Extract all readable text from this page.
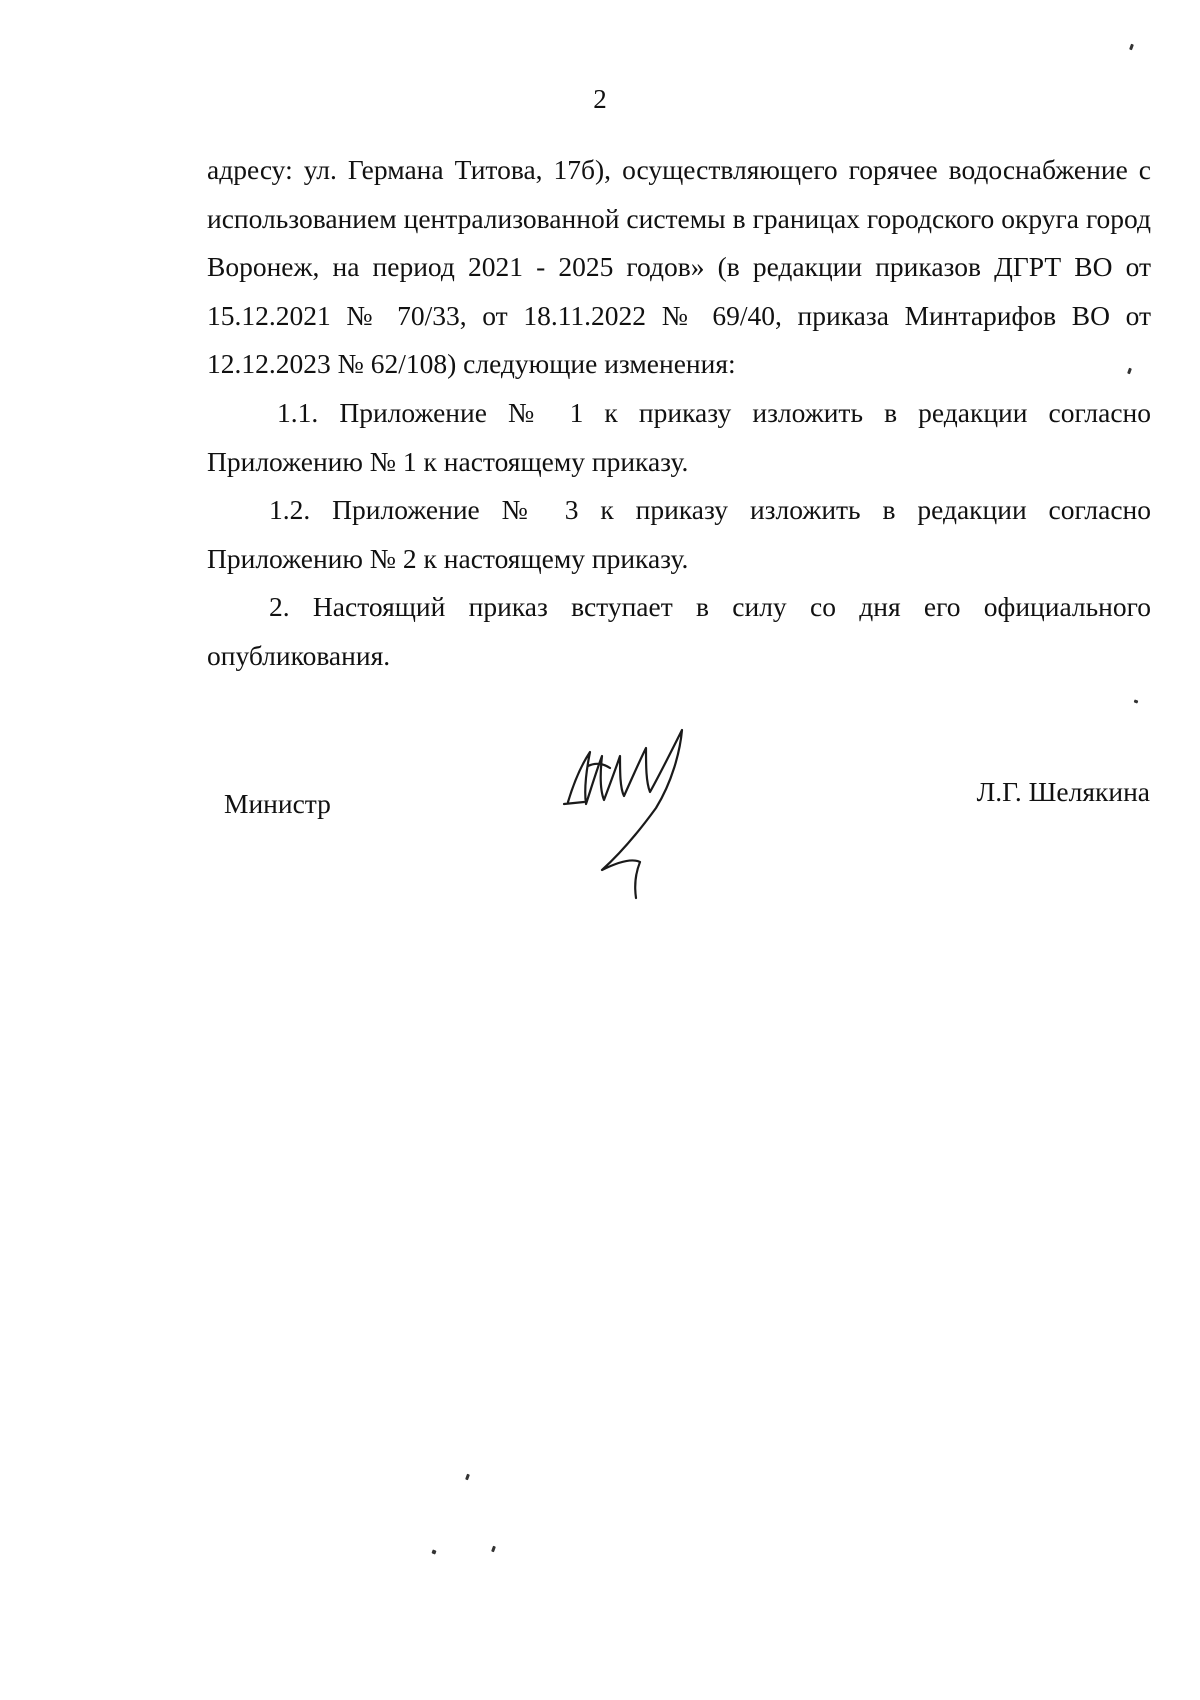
2

адресу: ул. Германа Титова, 17б), осуществляющего горячее водоснабжение с использованием централизованной системы в границах городского округа город Воронеж, на период 2021 - 2025 годов» (в редакции приказов ДГРТ ВО от 15.12.2021 № 70/33, от 18.11.2022 № 69/40, приказа Минтарифов ВО от 12.12.2023 № 62/108) следующие изменения:

1.1. Приложение № 1 к приказу изложить в редакции согласно Приложению № 1 к настоящему приказу.

1.2. Приложение № 3 к приказу изложить в редакции согласно Приложению № 2 к настоящему приказу.

2. Настоящий приказ вступает в силу со дня его официального опубликования.

Министр	Л.Г. Шелякина
